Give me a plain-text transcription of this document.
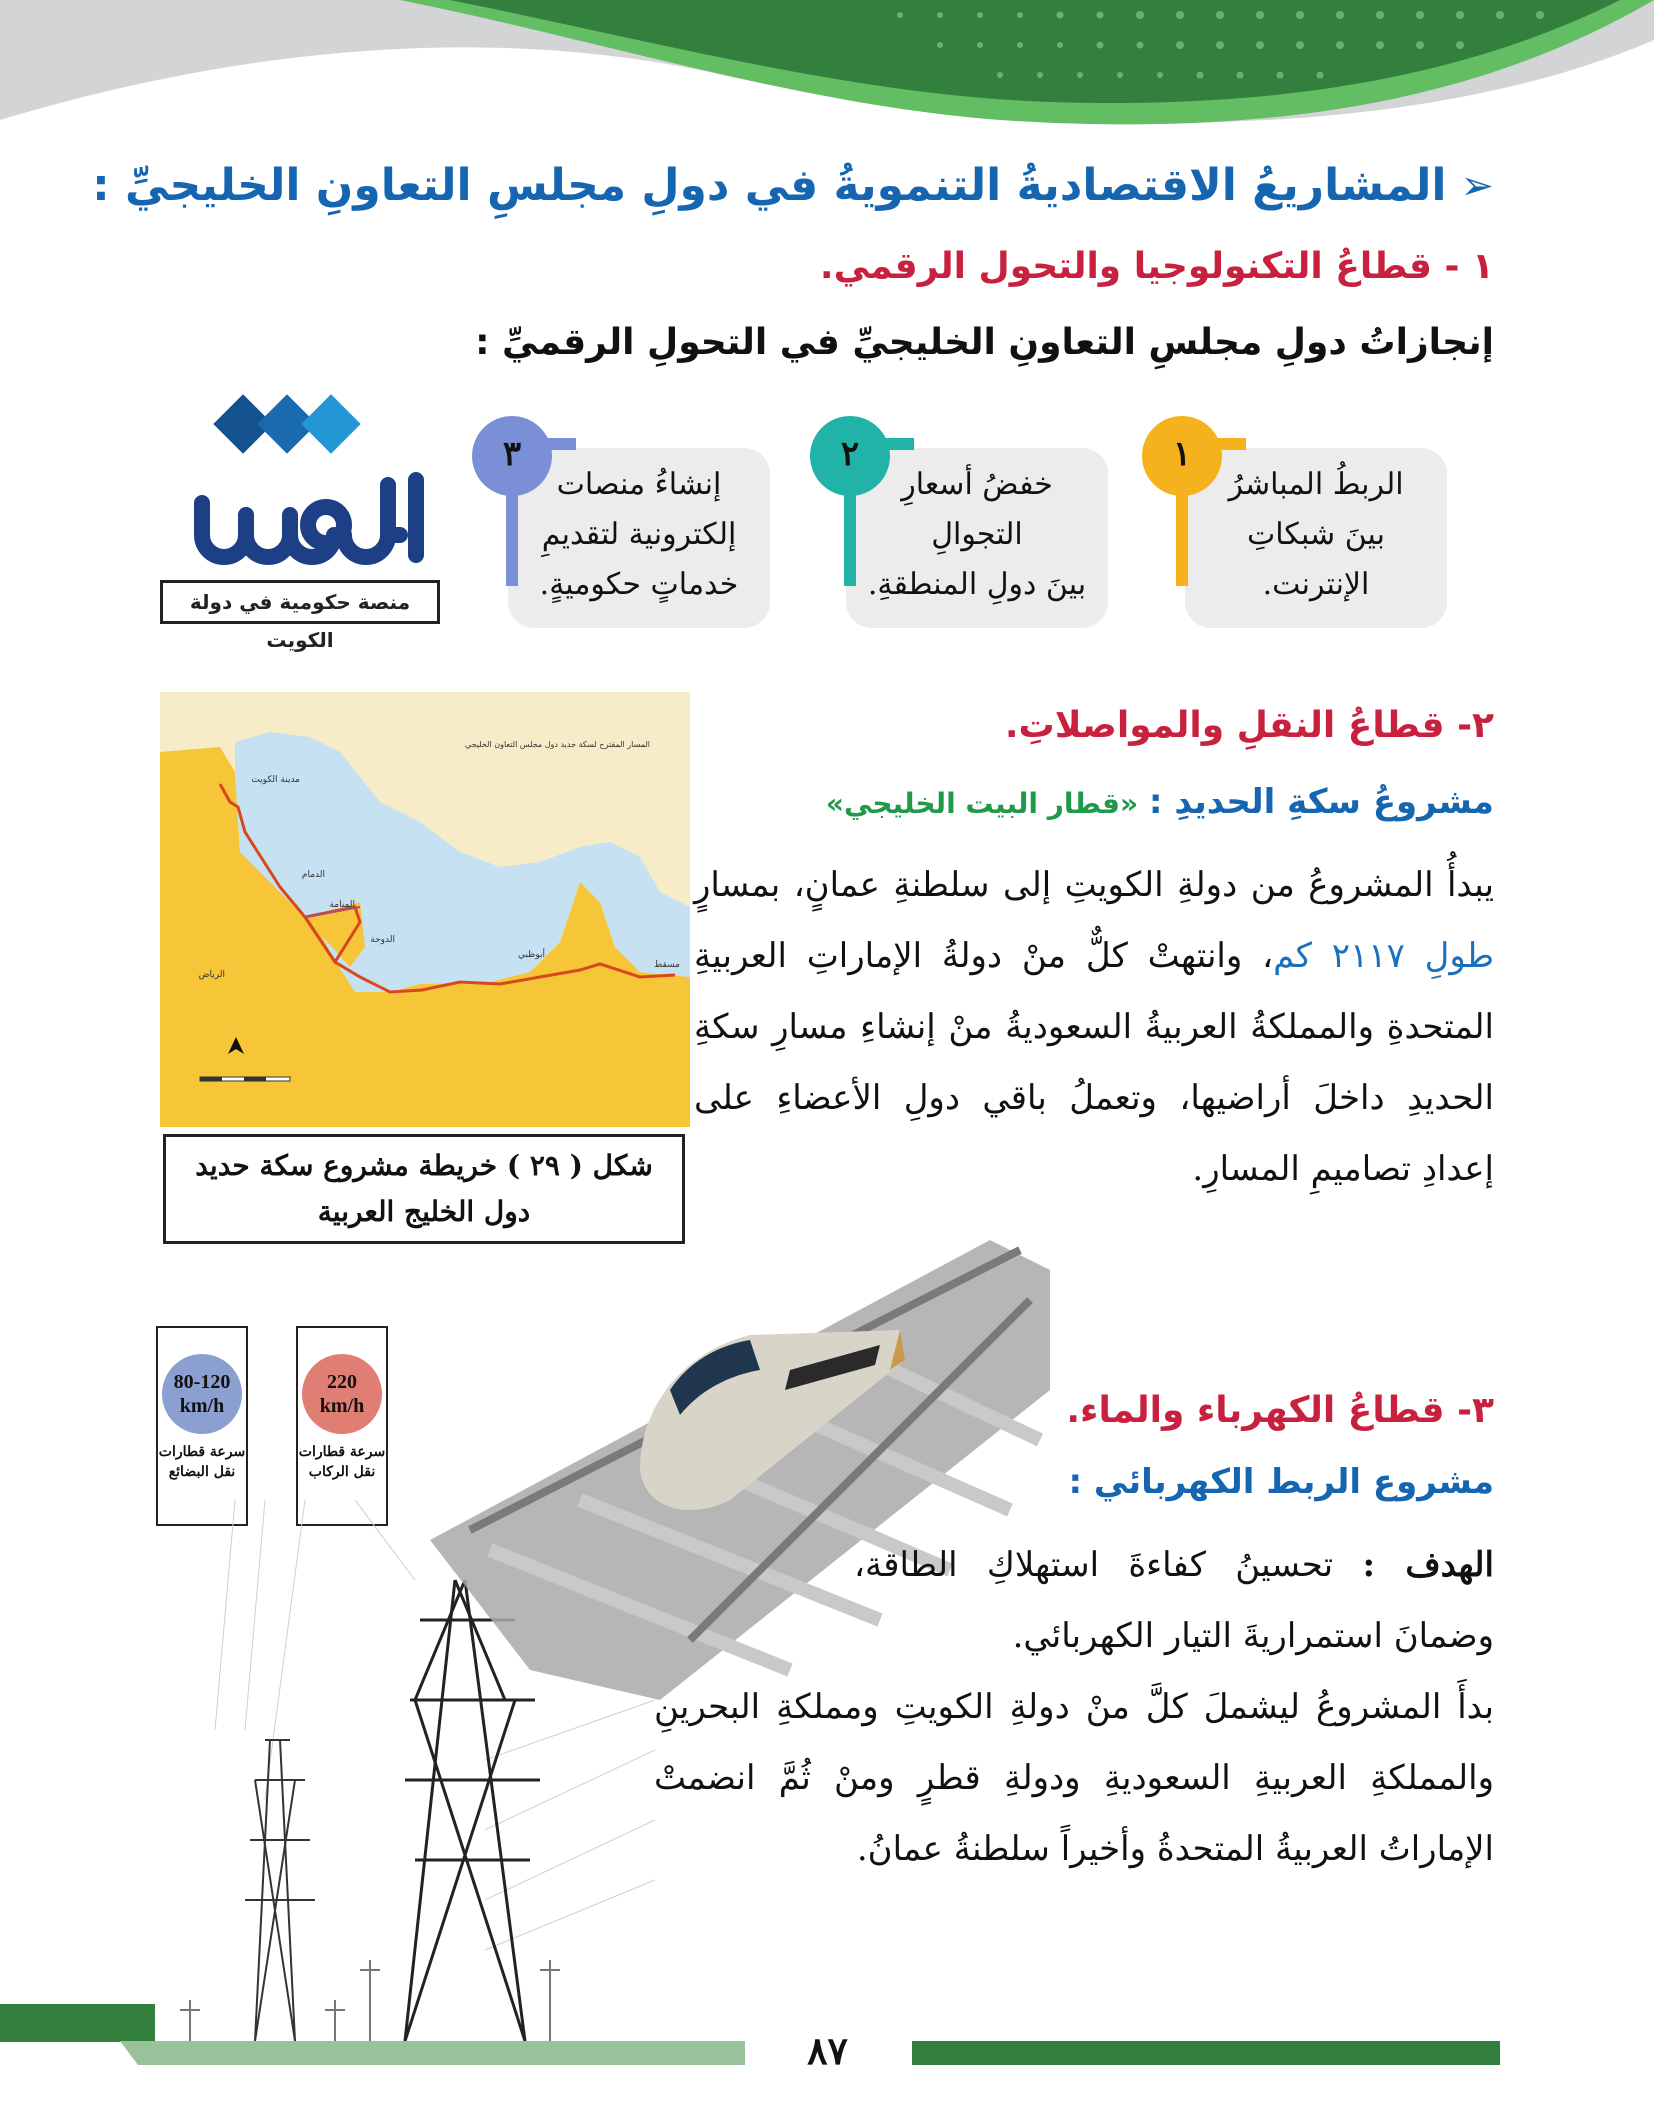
➢
المشاريعُ الاقتصاديةُ التنمويةُ في دولِ مجلسِ التعاونِ الخليجيِّ :
١ - قطاعُ التكنولوجيا والتحول الرقمي.
إنجازاتُ دولِ مجلسِ التعاونِ الخليجيِّ في التحولِ الرقميِّ :
الربطُ المباشرُ
بينَ شبكاتِ
الإنترنت.
١
خفضُ أسعارِ
التجوالِ
بينَ دولِ المنطقةِ.
٢
إنشاءُ منصات
إلكترونية لتقديمِ
خدماتٍ حكوميةٍ.
٣
منصة حكومية في دولة الكويت
٢- قطاعُ النقلِ والمواصلاتِ.
مشروعُ سكةِ الحديدِ : «قطار البيت الخليجي»
يبدأُ المشروعُ من دولةِ الكويتِ إلى سلطنةِ عمانٍ، بمسارٍ طولِ ٢١١٧ كم، وانتهتْ كلٌّ منْ دولةُ الإماراتِ العربيةِ المتحدةِ والمملكةُ العربيةُ السعوديةُ منْ إنشاءِ مسارِ سكةِ الحديدِ داخلَ أراضيها، وتعملُ باقي دولِ الأعضاءِ على إعدادِ تصاميمِ المسارِ.
مدينة الكويت
الدمام
المنامة
الدوحة
الرياض
أبوظبي
مسقط
المسار المقترح لسكة حديد دول مجلس التعاون الخليجي
شكل ( ٢٩ ) خريطة مشروع سكة حديد
دول الخليج العربية
220
km/h
سرعة قطارات
نقل الركاب
80-120
km/h
سرعة قطارات
نقل البضائع
٣- قطاعُ الكهرباء والماء.
مشروع الربط الكهربائي :
الهدف : تحسينُ كفاءةَ استهلاكِ الطاقة، وضمانَ استمراريةَ التيار الكهربائي.
بدأَ المشروعُ ليشملَ كلَّ منْ دولةِ الكويتِ ومملكةِ البحرينِ والمملكةِ العربيةِ السعوديةِ ودولةِ قطرٍ ومنْ ثُمَّ انضمتْ الإماراتُ العربيةُ المتحدةُ وأخيراً سلطنةُ عمانُ.
٨٧
